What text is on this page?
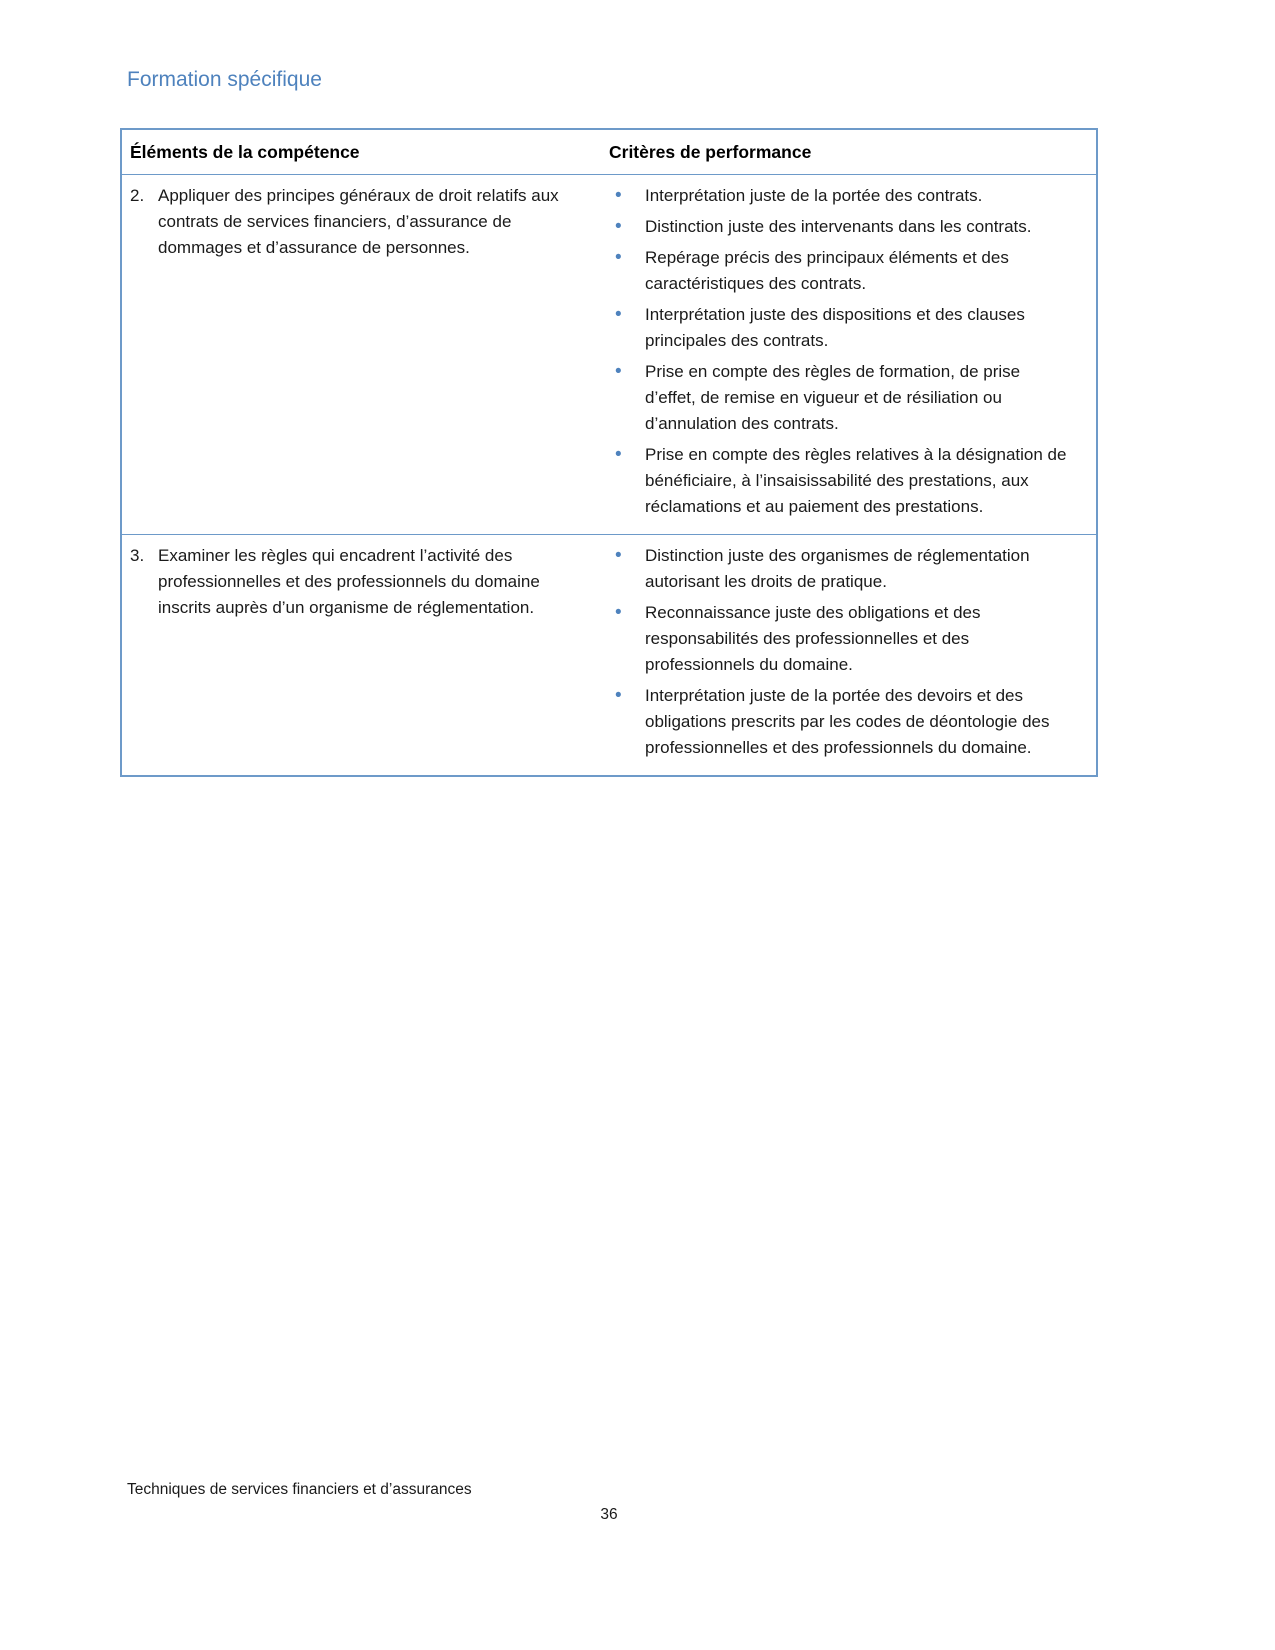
Formation spécifique
Éléments de la compétence	Critères de performance

2. Appliquer des principes généraux de droit relatifs aux contrats de services financiers, d’assurance de dommages et d’assurance de personnes.

• Interprétation juste de la portée des contrats.
• Distinction juste des intervenants dans les contrats.
• Repérage précis des principaux éléments et des caractéristiques des contrats.
• Interprétation juste des dispositions et des clauses principales des contrats.
• Prise en compte des règles de formation, de prise d’effet, de remise en vigueur et de résiliation ou d’annulation des contrats.
• Prise en compte des règles relatives à la désignation de bénéficiaire, à l’insaisissabilité des prestations, aux réclamations et au paiement des prestations.

3. Examiner les règles qui encadrent l’activité des professionnelles et des professionnels du domaine inscrits auprès d’un organisme de réglementation.

• Distinction juste des organismes de réglementation autorisant les droits de pratique.
• Reconnaissance juste des obligations et des responsabilités des professionnelles et des professionnels du domaine.
• Interprétation juste de la portée des devoirs et des obligations prescrits par les codes de déontologie des professionnelles et des professionnels du domaine.
Techniques de services financiers et d’assurances
36
